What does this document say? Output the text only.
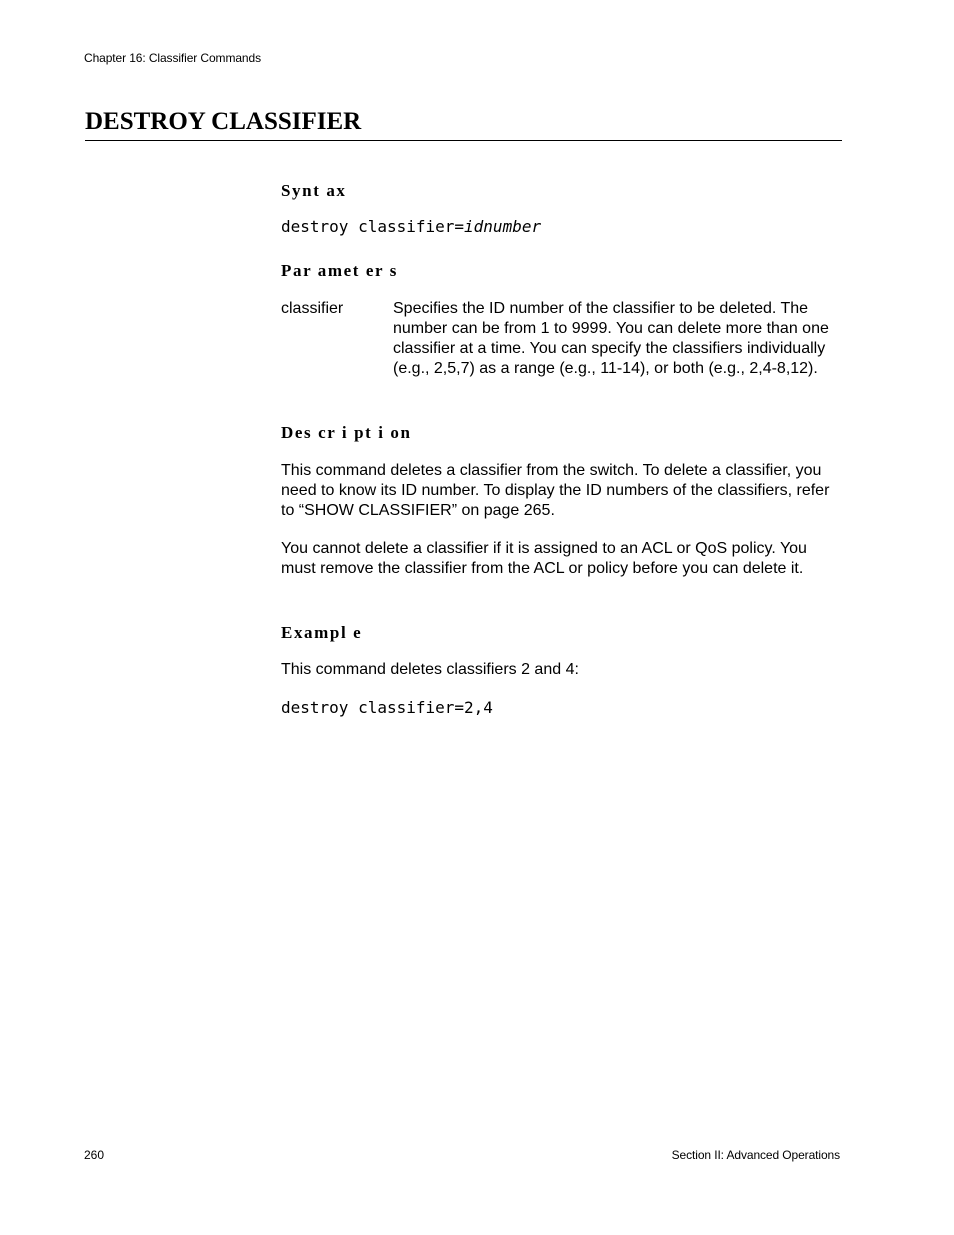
Chapter 16: Classifier Commands
DESTROY CLASSIFIER
Synt ax
destroy classifier=idnumber
Par amet er s
classifier	Specifies the ID number of the classifier to be deleted. The number can be from 1 to 9999. You can delete more than one classifier at a time. You can specify the classifiers individually (e.g., 2,5,7) as a range (e.g., 11-14), or both (e.g., 2,4-8,12).

Des cr i pt i on

This command deletes a classifier from the switch. To delete a classifier, you need to know its ID number. To display the ID numbers of the classifiers, refer to “SHOW CLASSIFIER” on page 265.

You cannot delete a classifier if it is assigned to an ACL or QoS policy. You must remove the classifier from the ACL or policy before you can delete it.

Exampl e

This command deletes classifiers 2 and 4:

destroy classifier=2,4
260	Section II: Advanced Operations
